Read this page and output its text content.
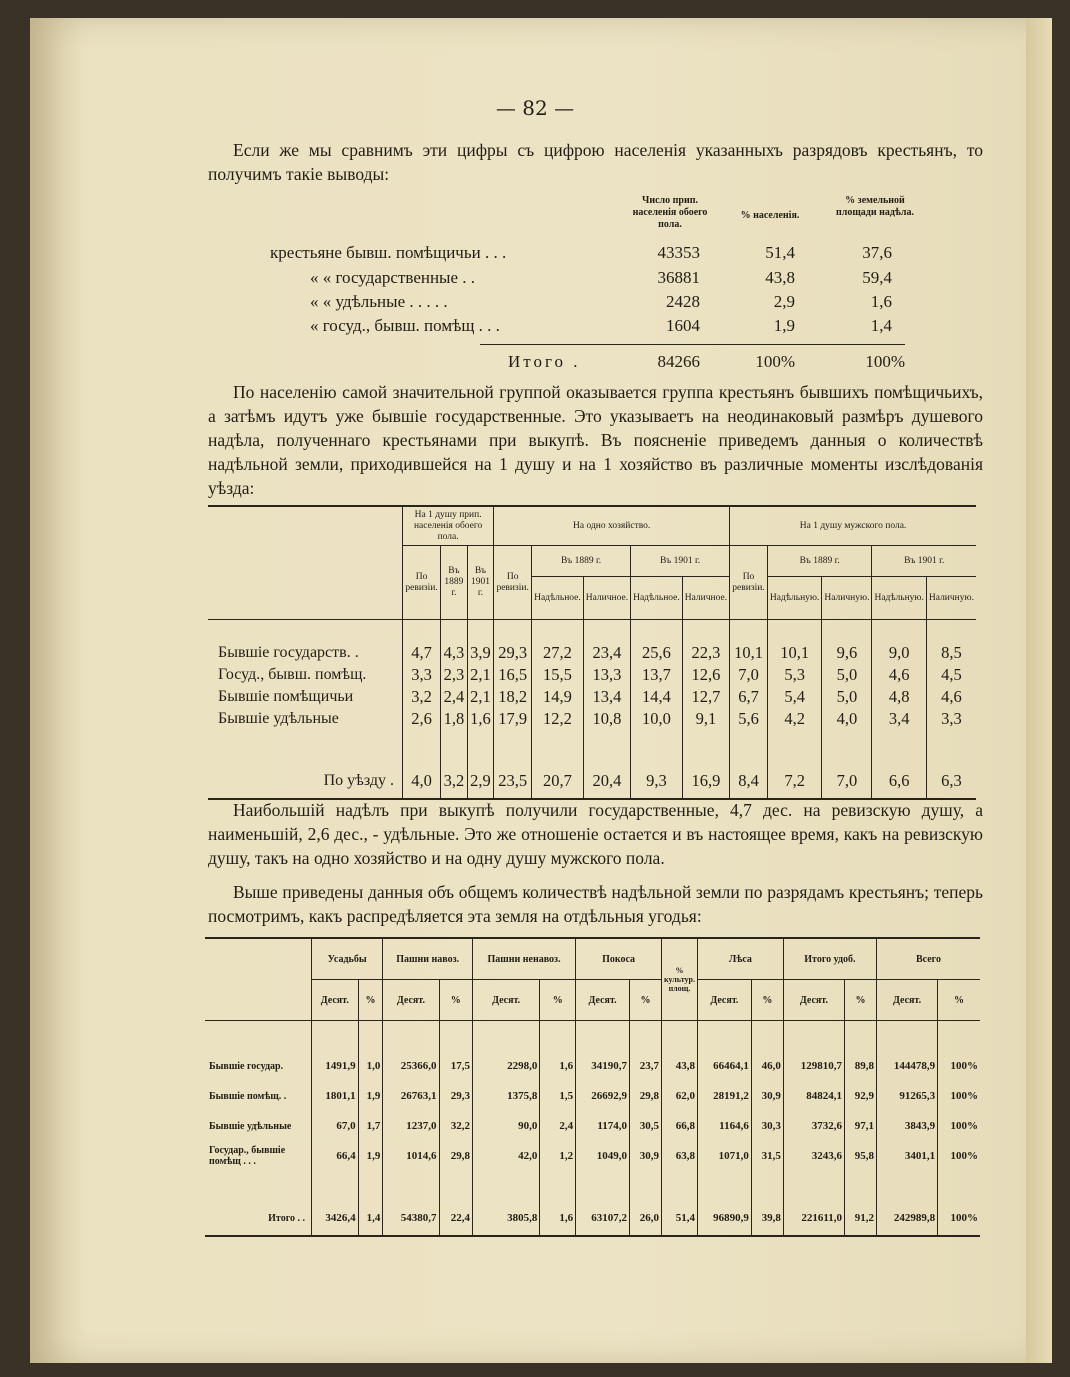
— 82 —
Если же мы сравнимъ эти цифры съ цифрою населенія указанныхъ разрядовъ крестьянъ, то получимъ такіе выводы:
Число прип. населенія обоего пола.
% населенія.
% земельной площади надѣла.
крестьяне бывш. помѣщичьи . . .	43353	51,4	37,6
« « государственные . .	36881	43,8	59,4
« « удѣльные . . . . .	2428	2,9	1,6
« госуд., бывш. помѣщ . . .	1604	1,9	1,4
Итого .	84266	100%	100%
По населенію самой значительной группой оказывается группа крестьянъ бывшихъ помѣщичьихъ, а затѣмъ идутъ уже бывшіе государственные. Это указываетъ на неодинаковый размѣръ душевого надѣла, полученнаго крестьянами при выкупѣ. Въ поясненіе приведемъ данныя о количествѣ надѣльной земли, приходившейся на 1 душу и на 1 хозяйство въ различные моменты изслѣдованія уѣзда:
	На 1 душу прип. населенія обоего пола.			На одно хозяйство.					На 1 душу мужского пола.				
	По ревизіи.	Въ 1889 г.	Въ 1901 г.	По ревизіи.	Въ 1889 г.		Въ 1901 г.		По ревизіи.	Въ 1889 г.		Въ 1901 г.	
					Надѣльное.	Наличное.	Надѣльное.	Наличное.		Надѣльную.	Наличную.	Надѣльную.	Наличную.

Бывшіе государств. .	4,7	4,3	3,9	29,3	27,2	23,4	25,6	22,3	10,1	10,1	9,6	9,0	8,5
Госуд., бывш. помѣщ.	3,3	2,3	2,1	16,5	15,5	13,3	13,7	12,6	7,0	5,3	5,0	4,6	4,5
Бывшіе помѣщичьи	3,2	2,4	2,1	18,2	14,9	13,4	14,4	12,7	6,7	5,4	5,0	4,8	4,6
Бывшіе удѣльные	2,6	1,8	1,6	17,9	12,2	10,8	10,0	9,1	5,6	4,2	4,0	3,4	3,3

По уѣзду .	4,0	3,2	2,9	23,5	20,7	20,4	9,3	16,9	8,4	7,2	7,0	6,6	6,3
Наибольшій надѣлъ при выкупѣ получили государственные, 4,7 дес. на ревизскую душу, а наименьшій, 2,6 дес., - удѣльные. Это же отношеніе остается и въ настоящее время, какъ на ревизскую душу, такъ на одно хозяйство и на одну душу мужского пола.
Выше приведены данныя объ общемъ количествѣ надѣльной земли по разрядамъ крестьянъ; теперь посмотримъ, какъ распредѣляется эта земля на отдѣльныя угодья:
	Усадьбы		Пашни навоз.		Пашни ненавоз.		Покоса		% культур. площ.	Лѣса		Итого удоб.		Всего	
	Десят.	%	Десят.	%	Десят.	%	Десят.	%		Десят.	%	Десят.	%	Десят.	%

Бывшіе государ.	1491,9	1,0	25366,0	17,5	2298,0	1,6	34190,7	23,7	43,8	66464,1	46,0	129810,7	89,8	144478,9	100%
Бывшіе помѣщ. .	1801,1	1,9	26763,1	29,3	1375,8	1,5	26692,9	29,8	62,0	28191,2	30,9	84824,1	92,9	91265,3	100%
Бывшіе удѣльные	67,0	1,7	1237,0	32,2	90,0	2,4	1174,0	30,5	66,8	1164,6	30,3	3732,6	97,1	3843,9	100%
Государ., бывшіе помѣщ . . .	66,4	1,9	1014,6	29,8	42,0	1,2	1049,0	30,9	63,8	1071,0	31,5	3243,6	95,8	3401,1	100%

Итого . .	3426,4	1,4	54380,7	22,4	3805,8	1,6	63107,2	26,0	51,4	96890,9	39,8	221611,0	91,2	242989,8	100%
